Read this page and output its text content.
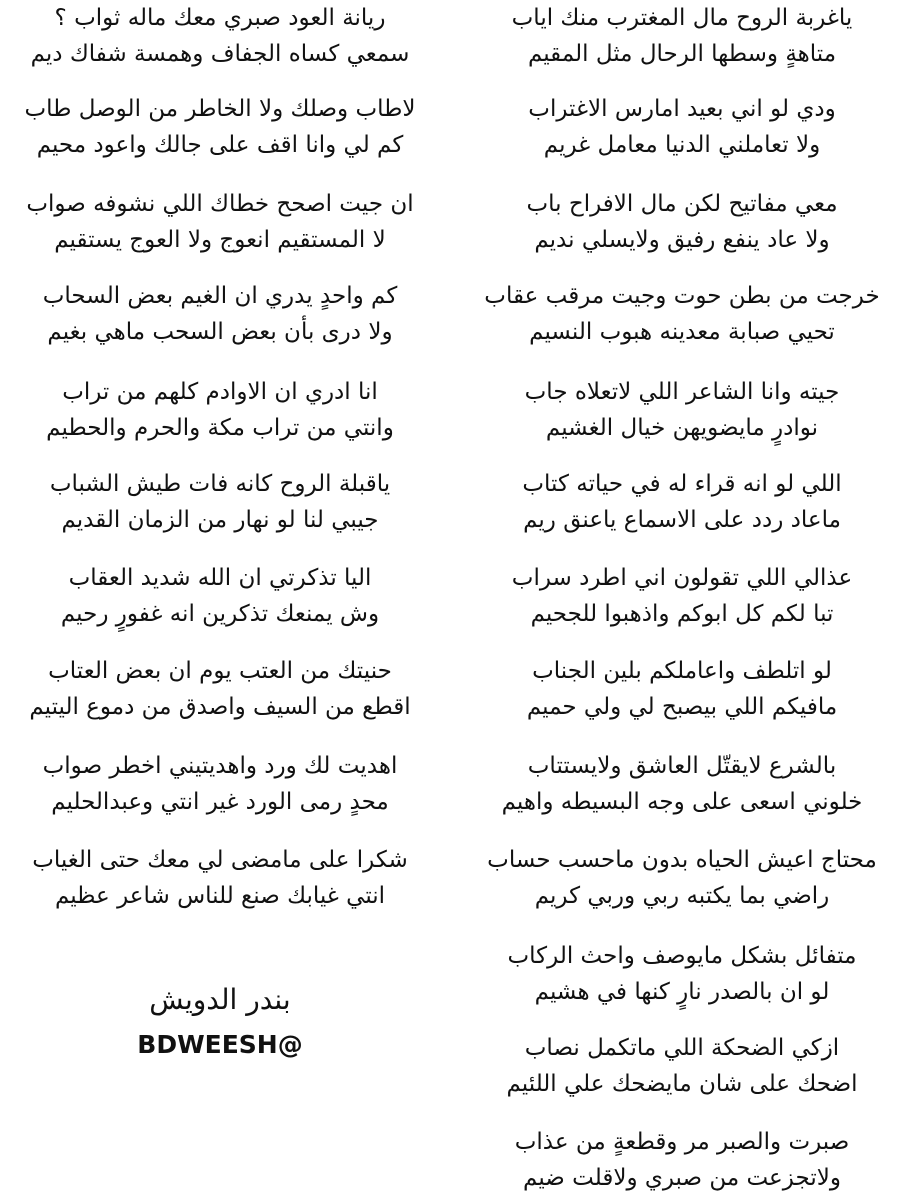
ياغربة الروح مال المغترب منك اياب
متاهةٍ وسطها الرحال مثل المقيم
ودي لو اني بعيد امارس الاغتراب
ولا تعاملني الدنيا معامل غريم
معي مفاتيح لكن مال الافراح باب
ولا عاد ينفع رفيق ولايسلي نديم
خرجت من بطن حوت وجيت مرقب عقاب
تحيي صبابة معدينه هبوب النسيم
جيته وانا الشاعر اللي لاتعلاه جاب
نوادرٍ مايضويهن خيال الغشيم
اللي لو انه قراء له في حياته كتاب
ماعاد ردد على الاسماع ياعنق ريم
عذالي اللي تقولون اني اطرد سراب
تبا لكم كل ابوكم واذهبوا للجحيم
لو اتلطف واعاملكم بلين الجناب
مافيكم اللي بيصبح لي ولي حميم
بالشرع لايقتّل العاشق ولايستتاب
خلوني اسعى على وجه البسيطه واهيم
محتاج اعيش الحياه بدون ماحسب حساب
راضي بما يكتبه ربي وربي كريم
متفائل بشكل مايوصف واحث الركاب
لو ان بالصدر نارٍ كنها في هشيم
ازكي الضحكة اللي ماتكمل نصاب
اضحك على شان مايضحك علي اللئيم
صبرت والصبر مر وقطعةٍ من عذاب
ولاتجزعت من صبري ولاقلت ضيم
ريانة العود صبري معك ماله ثواب ؟
سمعي كساه الجفاف وهمسة شفاك ديم
لاطاب وصلك ولا الخاطر من الوصل طاب
كم لي وانا اقف على جالك واعود محيم
ان جيت اصحح خطاك اللي نشوفه صواب
لا المستقيم انعوج ولا العوج يستقيم
كم واحدٍ يدري ان الغيم بعض السحاب
ولا درى بأن بعض السحب ماهي بغيم
انا ادري ان الاوادم كلهم من تراب
وانتي من تراب مكة والحرم والحطيم
ياقبلة الروح كانه فات طيش الشباب
جيبي لنا لو نهار من الزمان القديم
اليا تذكرتي ان الله شديد العقاب
وش يمنعك تذكرين انه غفورٍ رحيم
حنيتك من العتب يوم ان بعض العتاب
اقطع من السيف واصدق من دموع اليتيم
اهديت لك ورد واهديتيني اخطر صواب
محدٍ رمى الورد غير انتي وعبدالحليم
شكرا على مامضى لي معك حتى الغياب
انتي غيابك صنع للناس شاعر عظيم
بندر الدويش
@BDWEESH
